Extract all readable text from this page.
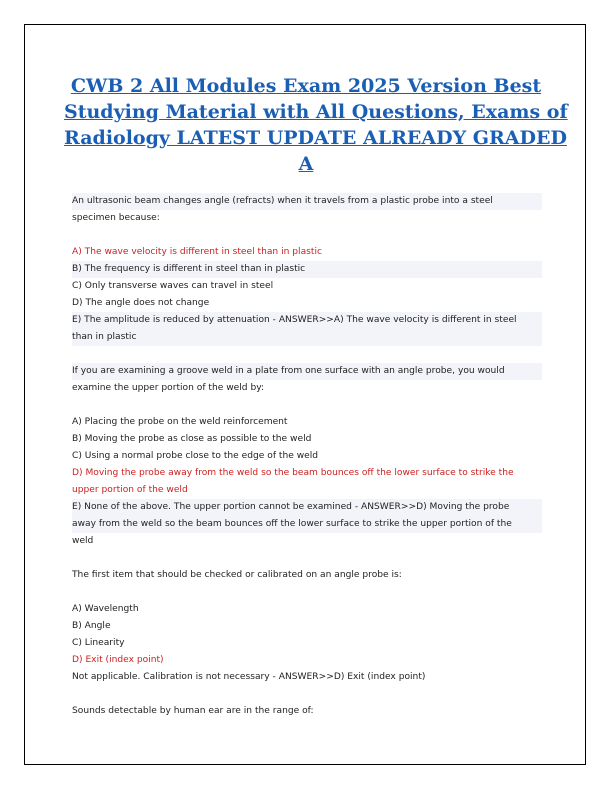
CWB 2 All Modules Exam 2025 Version Best
Studying Material with All Questions, Exams of
Radiology LATEST UPDATE ALREADY GRADED
A
An ultrasonic beam changes angle (refracts) when it travels from a plastic probe into a steel
specimen because:
A) The wave velocity is different in steel than in plastic
B) The frequency is different in steel than in plastic
C) Only transverse waves can travel in steel
D) The angle does not change
E) The amplitude is reduced by attenuation - ANSWER>>A) The wave velocity is different in steel
than in plastic
If you are examining a groove weld in a plate from one surface with an angle probe, you would
examine the upper portion of the weld by:
A) Placing the probe on the weld reinforcement
B) Moving the probe as close as possible to the weld
C) Using a normal probe close to the edge of the weld
D) Moving the probe away from the weld so the beam bounces off the lower surface to strike the
upper portion of the weld
E) None of the above. The upper portion cannot be examined - ANSWER>>D) Moving the probe
away from the weld so the beam bounces off the lower surface to strike the upper portion of the
weld
The first item that should be checked or calibrated on an angle probe is:
A) Wavelength
B) Angle
C) Linearity
D) Exit (index point)
Not applicable. Calibration is not necessary - ANSWER>>D) Exit (index point)
Sounds detectable by human ear are in the range of:
